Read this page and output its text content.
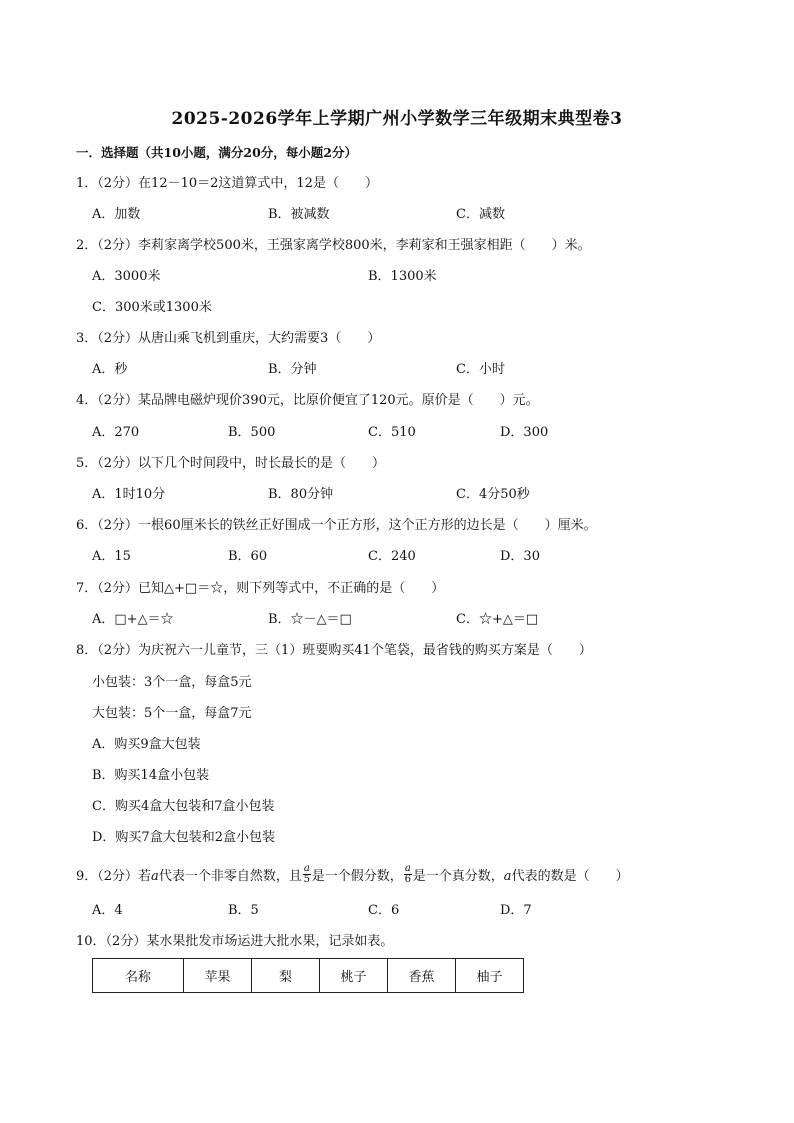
2025-2026学年上学期广州小学数学三年级期末典型卷3
一．选择题（共10小题，满分20分，每小题2分）
1．（2分）在12－10＝2这道算式中，12是（　　）
A．加数	B．被减数	C．减数
2．（2分）李莉家离学校500米，王强家离学校800米，李莉家和王强家相距（　　）米。
A．3000米	B．1300米
C．300米或1300米
3．（2分）从唐山乘飞机到重庆，大约需要3（　　）
A．秒	B．分钟	C．小时
4．（2分）某品牌电磁炉现价390元，比原价便宜了120元。原价是（　　）元。
A．270	B．500	C．510	D．300
5．（2分）以下几个时间段中，时长最长的是（　　）
A．1时10分	B．80分钟	C．4分50秒
6．（2分）一根60厘米长的铁丝正好围成一个正方形，这个正方形的边长是（　　）厘米。
A．15	B．60	C．240	D．30
7．（2分）已知△+□＝☆，则下列等式中，不正确的是（　　）
A．□+△＝☆	B．☆－△＝□	C．☆+△＝□
8．（2分）为庆祝六一儿童节，三（1）班要购买41个笔袋，最省钱的购买方案是（　　）
小包装：3个一盒，每盒5元
大包装：5个一盒，每盒7元
A．购买9盒大包装
B．购买14盒小包装
C．购买4盒大包装和7盒小包装
D．购买7盒大包装和2盒小包装
9．（2分）若a代表一个非零自然数，且 $\frac{a}{5}$ 是一个假分数， $\frac{a}{6}$ 是一个真分数，a代表的数是（　　）
A．4	B．5	C．6	D．7
10．（2分）某水果批发市场运进大批水果，记录如表。
名称	苹果	梨	桃子	香蕉	柚子
